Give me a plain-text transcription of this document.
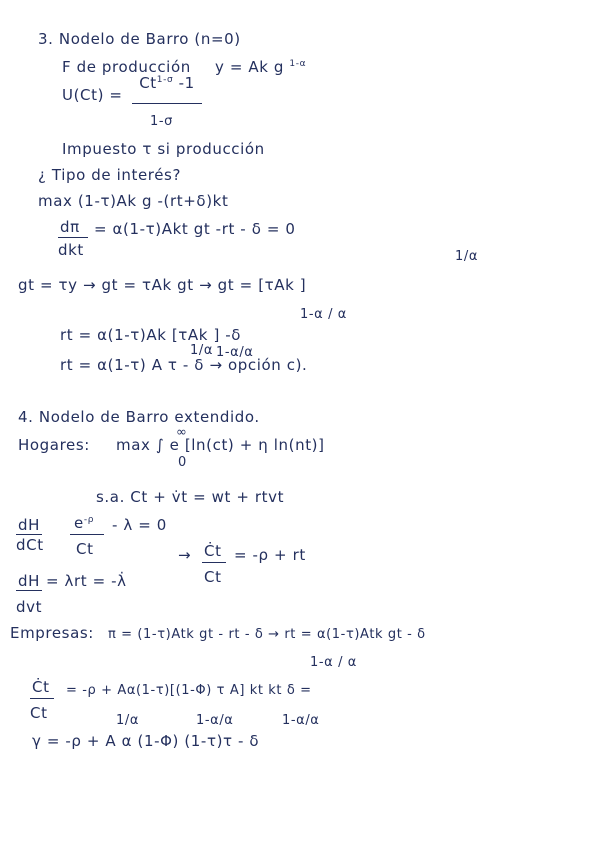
3. Nodelo de Barro (n=0)
F de producción y = Ak g $^{1-\alpha}$
U(Ct) =
$Ct^{1-\sigma}$ -1
1-σ
Impuesto τ si producción
¿ Tipo de interés?
max (1-τ)Ak g -(rt+δ)kt
dπ
dkt
= α(1-τ)Akt gt -rt - δ = 0
gt = τy → gt = τAk gt → gt = [τAk ]
1/α
rt = α(1-τ)Ak [τAk ] -δ
1-α / α
rt = α(1-τ) A τ - δ → opción c).
1/α 1-α/α
4. Nodelo de Barro extendido.
Hogares: max ∫ e [ln(ct) + η ln(nt)]
∞
0
s.a. Ct + v̇t = wt + rtvt
dH
dCt
$e^{-\rho}$
Ct
- λ = 0
→ Ċt
Ct
= -ρ + rt
dH
dvt
= λrt = -λ̇
Empresas: π = (1-τ)Atk gt - rt - δ → rt = α(1-τ)Atk gt - δ
Ċt
Ct
= -ρ + Aα(1-τ)[(1-Φ) τ A] kt kt δ =
1-α / α
γ = -ρ + A α (1-Φ) (1-τ)τ - δ
1/α	1-α/α	1-α/α
